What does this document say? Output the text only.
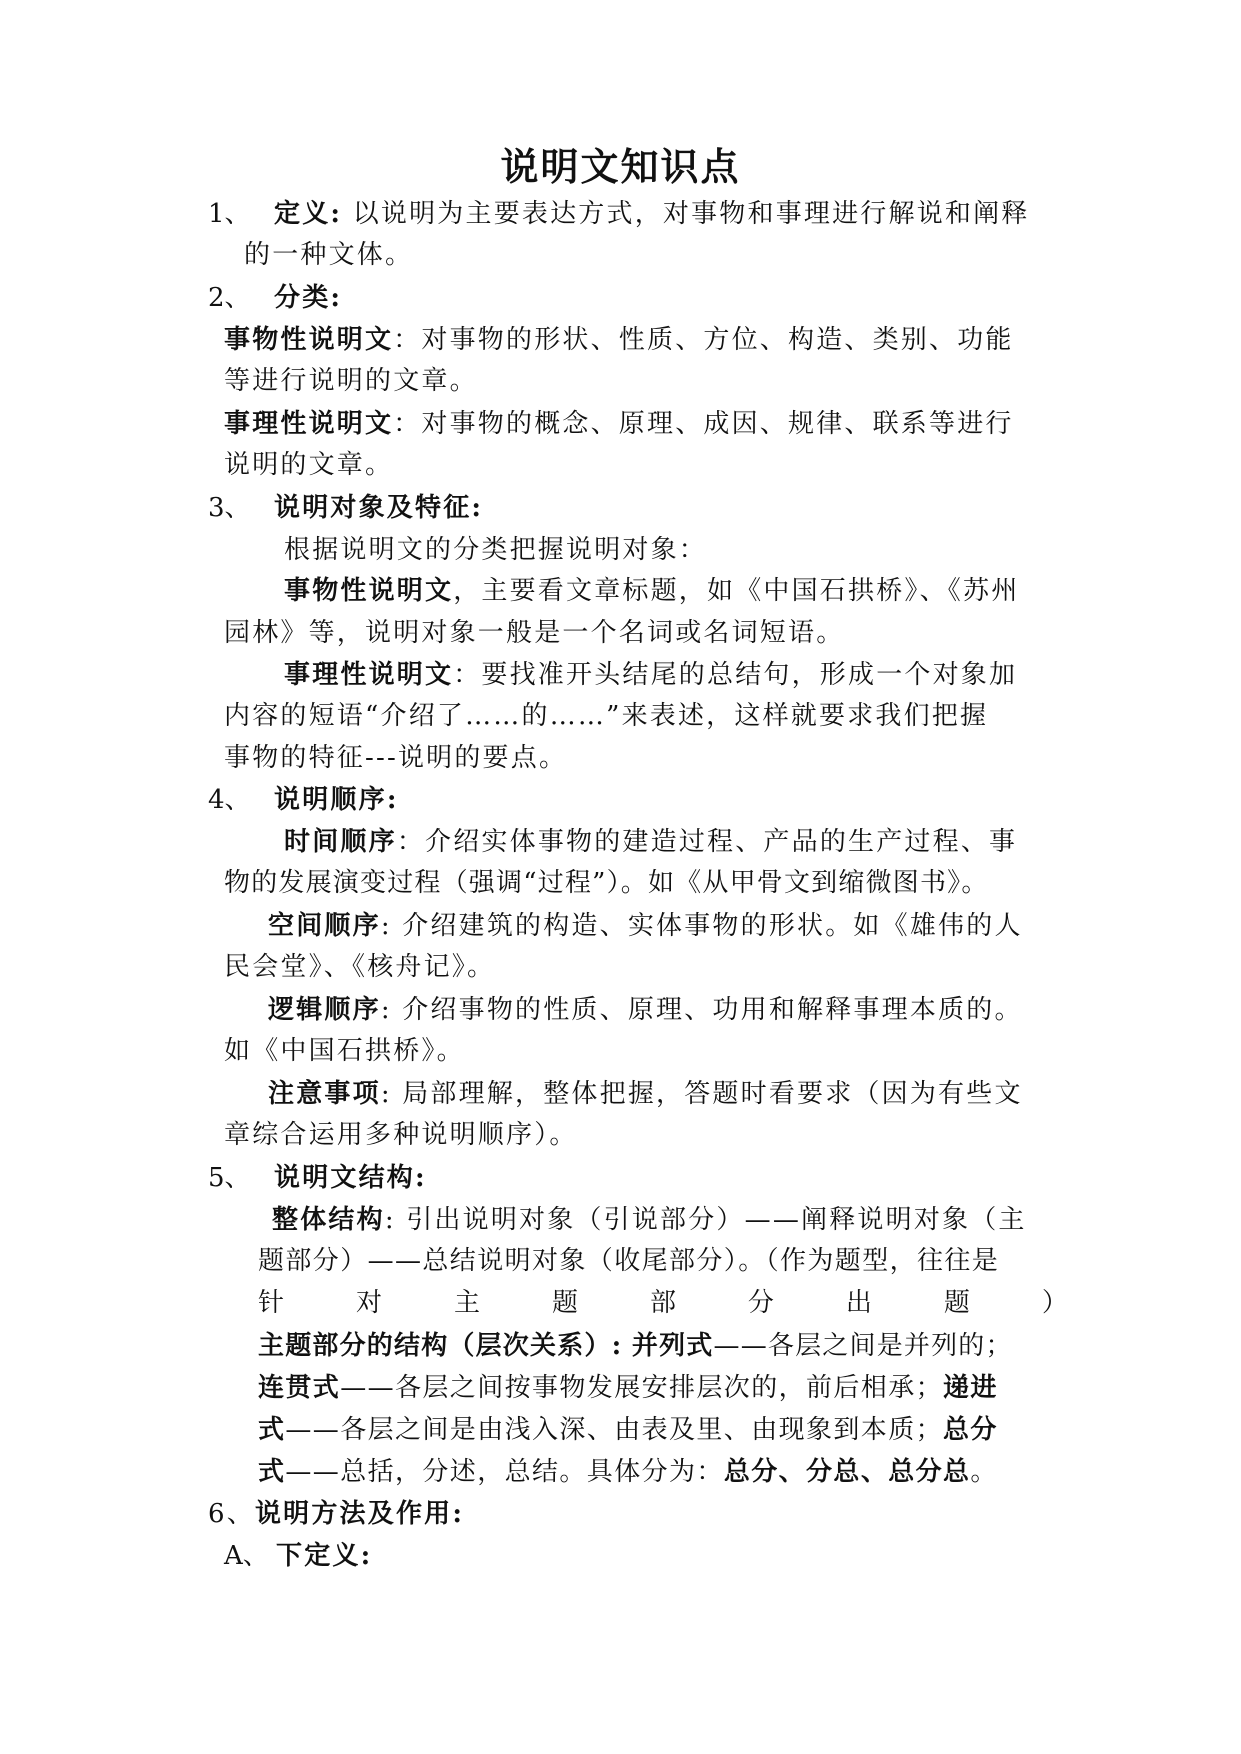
说明文知识点
1、 定义: 以说明为主要表达方式，对事物和事理进行解说和阐释
的一种文体。
2、 分类:
事物性说明文：对事物的形状、性质、方位、构造、类别、功能
等进行说明的文章。
事理性说明文：对事物的概念、原理、成因、规律、联系等进行
说明的文章。
3、 说明对象及特征:
根据说明文的分类把握说明对象：
事物性说明文，主要看文章标题，如《中国石拱桥》、《苏州
园林》等，说明对象一般是一个名词或名词短语。
事理性说明文：要找准开头结尾的总结句，形成一个对象加
内容的短语“介绍了……的……”来表述，这样就要求我们把握
事物的特征---说明的要点。
4、 说明顺序:
时间顺序：介绍实体事物的建造过程、产品的生产过程、事
物的发展演变过程（强调“过程”）。如《从甲骨文到缩微图书》。
空间顺序: 介绍建筑的构造、实体事物的形状。如《雄伟的人
民会堂》、《核舟记》。
逻辑顺序: 介绍事物的性质、原理、功用和解释事理本质的。
如《中国石拱桥》。
注意事项: 局部理解，整体把握，答题时看要求（因为有些文
章综合运用多种说明顺序）。
5、 说明文结构:
整体结构: 引出说明对象（引说部分）——阐释说明对象（主
题部分）——总结说明对象（收尾部分）。（作为题型，往往是
针	对	主	题	部	分	出	题	）
主题部分的结构（层次关系）: 并列式——各层之间是并列的；
连贯式——各层之间按事物发展安排层次的，前后相承；递进
式——各层之间是由浅入深、由表及里、由现象到本质；总分
式——总括，分述，总结。具体分为：总分、分总、总分总。
6、说明方法及作用:
A、 下定义:
